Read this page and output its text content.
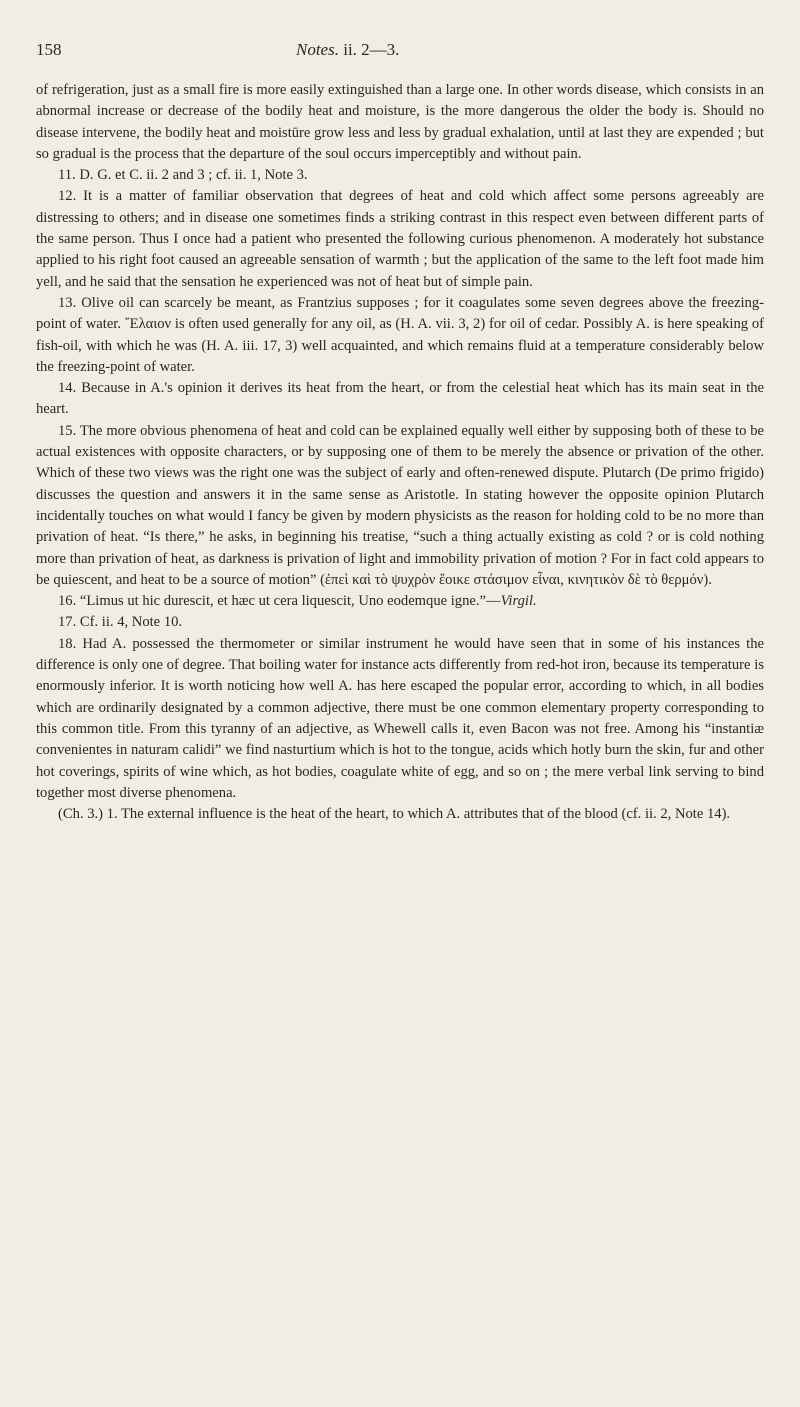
158	Notes. ii. 2—3.

of refrigeration, just as a small fire is more easily extinguished than a large one. In other words disease, which consists in an abnormal increase or decrease of the bodily heat and moisture, is the more dangerous the older the body is. Should no disease intervene, the bodily heat and moistūre grow less and less by gradual exhalation, until at last they are expended ; but so gradual is the process that the departure of the soul occurs imperceptibly and without pain.

11. D. G. et C. ii. 2 and 3 ; cf. ii. 1, Note 3.

12. It is a matter of familiar observation that degrees of heat and cold which affect some persons agreeably are distressing to others; and in disease one sometimes finds a striking contrast in this respect even between different parts of the same person. Thus I once had a patient who presented the following curious phenomenon. A moderately hot substance applied to his right foot caused an agreeable sensation of warmth ; but the application of the same to the left foot made him yell, and he said that the sensation he experienced was not of heat but of simple pain.

13. Olive oil can scarcely be meant, as Frantzius supposes ; for it coagulates some seven degrees above the freezing-point of water. ῎Ελαιον is often used generally for any oil, as (H. A. vii. 3, 2) for oil of cedar. Possibly A. is here speaking of fish-oil, with which he was (H. A. iii. 17, 3) well acquainted, and which remains fluid at a temperature considerably below the freezing-point of water.

14. Because in A.'s opinion it derives its heat from the heart, or from the celestial heat which has its main seat in the heart.

15. The more obvious phenomena of heat and cold can be explained equally well either by supposing both of these to be actual existences with opposite characters, or by supposing one of them to be merely the absence or privation of the other. Which of these two views was the right one was the subject of early and often-renewed dispute. Plutarch (De primo frigido) discusses the question and answers it in the same sense as Aristotle. In stating however the opposite opinion Plutarch incidentally touches on what would I fancy be given by modern physicists as the reason for holding cold to be no more than privation of heat. “Is there,” he asks, in beginning his treatise, “such a thing actually existing as cold ? or is cold nothing more than privation of heat, as darkness is privation of light and immobility privation of motion ? For in fact cold appears to be quiescent, and heat to be a source of motion” (ἐπεὶ καὶ τὸ ψυχρὸν ἔοικε στάσιμον εἶναι, κινητικὸν δὲ τὸ θερμόν).

16. “Limus ut hic durescit, et hæc ut cera liquescit, Uno eodemque igne.”—Virgil.

17. Cf. ii. 4, Note 10.

18. Had A. possessed the thermometer or similar instrument he would have seen that in some of his instances the difference is only one of degree. That boiling water for instance acts differently from red-hot iron, because its temperature is enormously inferior. It is worth noticing how well A. has here escaped the popular error, according to which, in all bodies which are ordinarily designated by a common adjective, there must be one common elementary property corresponding to this common title. From this tyranny of an adjective, as Whewell calls it, even Bacon was not free. Among his “instantiæ convenientes in naturam calidi” we find nasturtium which is hot to the tongue, acids which hotly burn the skin, fur and other hot coverings, spirits of wine which, as hot bodies, coagulate white of egg, and so on ; the mere verbal link serving to bind together most diverse phenomena.

(Ch. 3.) 1. The external influence is the heat of the heart, to which A. attributes that of the blood (cf. ii. 2, Note 14).
